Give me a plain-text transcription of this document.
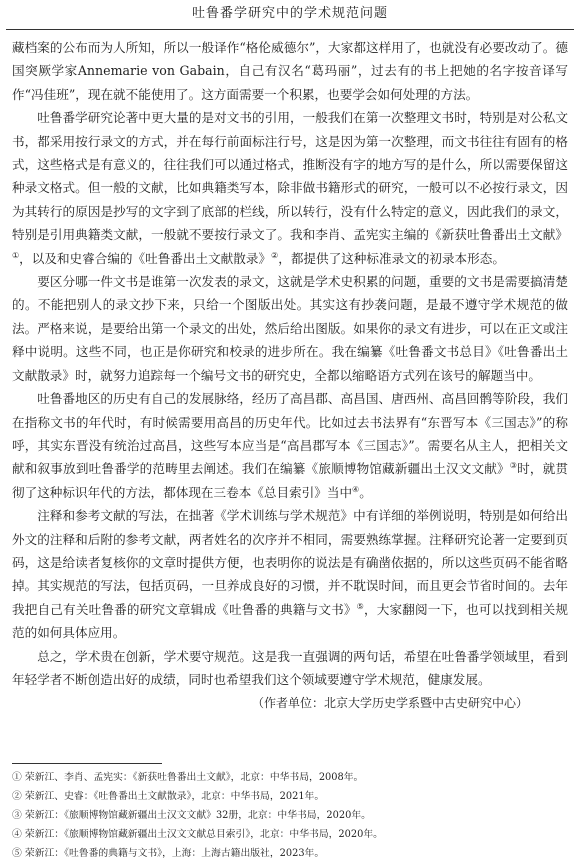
吐鲁番学研究中的学术规范问题

藏档案的公布而为人所知，所以一般译作“格伦威德尔”，大家都这样用了，也就没有必要改动了。德国突厥学家Annemarie von Gabain，自己有汉名“葛玛丽”，过去有的书上把她的名字按音译写作“冯佳班”，现在就不能使用了。这方面需要一个积累，也要学会如何处理的方法。

吐鲁番学研究论著中更大量的是对文书的引用，一般我们在第一次整理文书时，特别是对公私文书，都采用按行录文的方式，并在每行前面标注行号，这是因为第一次整理，而文书往往有固有的格式，这些格式是有意义的，往往我们可以通过格式，推断没有字的地方写的是什么，所以需要保留这种录文格式。但一般的文献，比如典籍类写本，除非做书籍形式的研究，一般可以不必按行录文，因为其转行的原因是抄写的文字到了底部的栏线，所以转行，没有什么特定的意义，因此我们的录文，特别是引用典籍类文献，一般就不要按行录文了。我和李肖、孟宪实主编的《新获吐鲁番出土文献》①，以及和史睿合编的《吐鲁番出土文献散录》②，都提供了这种标准录文的初录本形态。

要区分哪一件文书是谁第一次发表的录文，这就是学术史积累的问题，重要的文书是需要搞清楚的。不能把别人的录文抄下来，只给一个图版出处。其实这有抄袭问题，是最不遵守学术规范的做法。严格来说，是要给出第一个录文的出处，然后给出图版。如果你的录文有进步，可以在正文或注释中说明。这些不同，也正是你研究和校录的进步所在。我在编纂《吐鲁番文书总目》《吐鲁番出土文献散录》时，就努力追踪每一个编号文书的研究史，全都以缩略语方式列在该号的解题当中。

吐鲁番地区的历史有自己的发展脉络，经历了高昌郡、高昌国、唐西州、高昌回鹘等阶段，我们在指称文书的年代时，有时候需要用高昌的历史年代。比如过去书法界有“东晋写本《三国志》”的称呼，其实东晋没有统治过高昌，这些写本应当是“高昌郡写本《三国志》”。需要名从主人，把相关文献和叙事放到吐鲁番学的范畴里去阐述。我们在编纂《旅顺博物馆藏新疆出土汉文文献》③时，就贯彻了这种标识年代的方法，都体现在三卷本《总目索引》当中④。

注释和参考文献的写法，在拙著《学术训练与学术规范》中有详细的举例说明，特别是如何给出外文的注释和后附的参考文献，两者姓名的次序并不相同，需要熟练掌握。注释研究论著一定要到页码，这是给读者复核你的文章时提供方便，也表明你的说法是有确凿依据的，所以这些页码不能省略掉。其实规范的写法，包括页码，一旦养成良好的习惯，并不耽误时间，而且更会节省时间的。去年我把自己有关吐鲁番的研究文章辑成《吐鲁番的典籍与文书》⑤，大家翻阅一下，也可以找到相关规范的如何具体应用。

总之，学术贵在创新，学术要守规范。这是我一直强调的两句话，希望在吐鲁番学领域里，看到年轻学者不断创造出好的成绩，同时也希望我们这个领域要遵守学术规范，健康发展。

（作者单位：北京大学历史学系暨中古史研究中心）

① 荣新江、李肖、孟宪实：《新获吐鲁番出土文献》，北京：中华书局，2008年。
② 荣新江、史睿：《吐鲁番出土文献散录》，北京：中华书局，2021年。
③ 荣新江：《旅顺博物馆藏新疆出土汉文文献》32册，北京：中华书局，2020年。
④ 荣新江：《旅顺博物馆藏新疆出土汉文文献总目索引》，北京：中华书局，2020年。
⑤ 荣新江：《吐鲁番的典籍与文书》，上海：上海古籍出版社，2023年。
